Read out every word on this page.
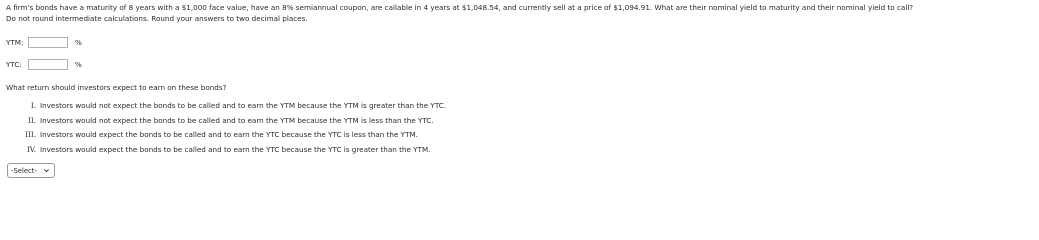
A firm's bonds have a maturity of 8 years with a $1,000 face value, have an 8% semiannual coupon, are callable in 4 years at $1,048.54, and currently sell at a price of $1,094.91. What are their nominal yield to maturity and their nominal yield to call?
Do not round intermediate calculations. Round your answers to two decimal places.
YTM:	%
YTC:	%
What return should investors expect to earn on these bonds?
I. Investors would not expect the bonds to be called and to earn the YTM because the YTM is greater than the YTC.
II. Investors would not expect the bonds to be called and to earn the YTM because the YTM is less than the YTC.
III. Investors would expect the bonds to be called and to earn the YTC because the YTC is less than the YTM.
IV. Investors would expect the bonds to be called and to earn the YTC because the YTC is greater than the YTM.
-Select-
